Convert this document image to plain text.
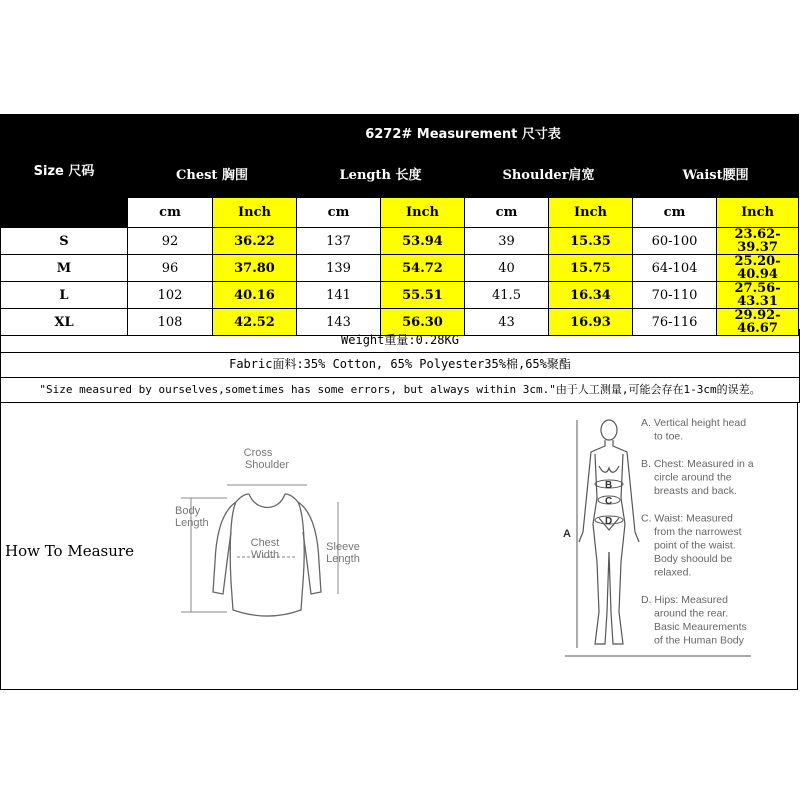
Size 尺码	6272# Measurement 尺寸表							
	Chest 胸围		Length 长度		Shoulder肩宽		Waist腰围	
	cm	Inch	cm	Inch	cm	Inch	cm	Inch
S	92	36.22	137	53.94	39	15.35	60-100	23.62-39.37
M	96	37.80	139	54.72	40	15.75	64-104	25.20-40.94
L	102	40.16	141	55.51	41.5	16.34	70-110	27.56-43.31
XL	108	42.52	143	56.30	43	16.93	76-116	29.92-46.67
Weight重量:0.28KG
Fabric面料:35% Cotton, 65% Polyester35%棉,65%聚酯
"Size measured by ourselves,sometimes has some errors, but always within 3cm."由于人工测量,可能会存在1-3cm的误差。
How To Measure
Cross
Shoulder
Body
Length
Chest
Width
Sleeve
Length
A
B
C
D
A. Vertical height head
to toe.
B. Chest: Measured in a
circle around the
breasts and back.
C. Waist: Measured
from the narrowest
point of the waist.
Body shoould be
relaxed.
D. Hips: Measured
around the rear.
Basic Meaurements
of the Human Body
